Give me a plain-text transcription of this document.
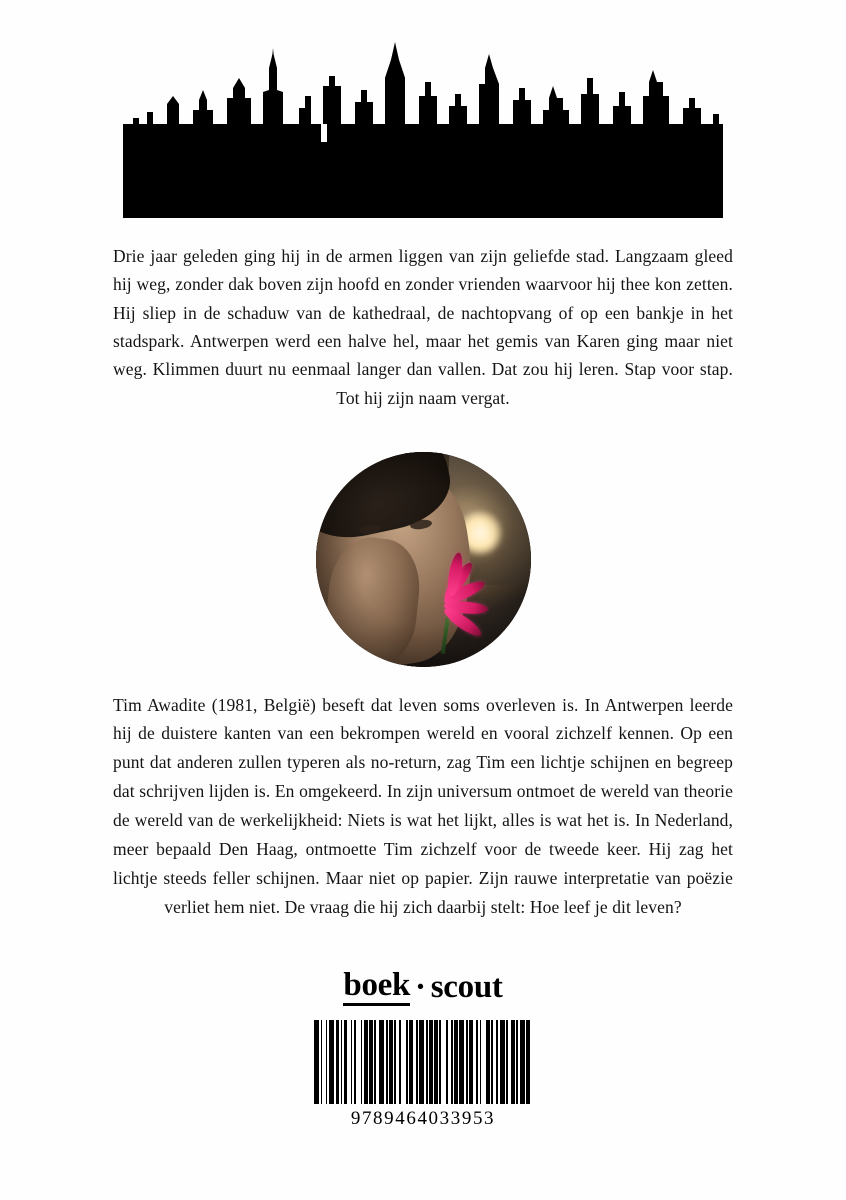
Drie jaar geleden ging hij in de armen liggen van zijn geliefde stad. Langzaam gleed hij weg, zonder dak boven zijn hoofd en zonder vrienden waarvoor hij thee kon zetten. Hij sliep in de schaduw van de kathedraal, de nachtopvang of op een bankje in het stadspark. Antwerpen werd een halve hel, maar het gemis van Karen ging maar niet weg. Klimmen duurt nu eenmaal langer dan vallen. Dat zou hij leren. Stap voor stap. Tot hij zijn naam vergat.

Tim Awadite (1981, België) beseft dat leven soms overleven is. In Antwerpen leerde hij de duistere kanten van een bekrompen wereld en vooral zichzelf kennen. Op een punt dat anderen zullen typeren als no-return, zag Tim een lichtje schijnen en begreep dat schrijven lijden is. En omgekeerd. In zijn universum ontmoet de wereld van theorie de wereld van de werkelijkheid: Niets is wat het lijkt, alles is wat het is. In Nederland, meer bepaald Den Haag, ontmoette Tim zichzelf voor de tweede keer. Hij zag het lichtje steeds feller schijnen. Maar niet op papier. Zijn rauwe interpretatie van poëzie verliet hem niet. De vraag die hij zich daarbij stelt: Hoe leef je dit leven?

boek · scout
9789464033953
